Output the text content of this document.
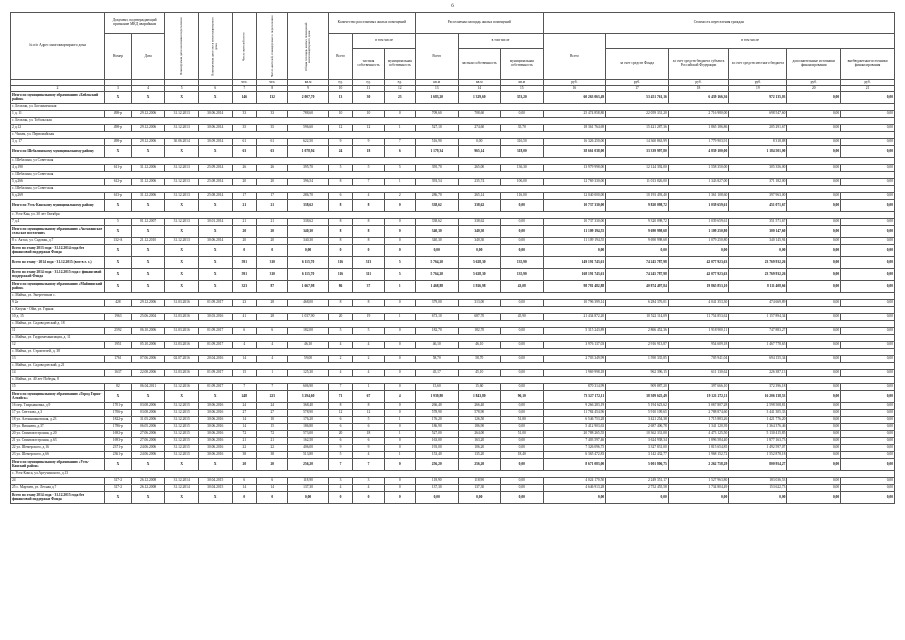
6
№ п/п Адрес многоквартирного дома	Документ, подтверждающий признание МКД аварийным		Планируемая дата окончания переселения	Планируемая дата сноса многоквартирного дома	Число жителей всего	Число жителей, планируемых к переселению	Общая площадь жилых помещений многоквартирного дома	Количество расселяемых жилых помещений			Расселяемая площадь жилых помещений			Стоимость переселения граждан					
	Номер	Дата						Всего	в том числе		Всего	в том числе		Всего	в том числе				
									частная собственность	муниципальная собственность		частная собственность	муниципальная собственность		за счет средств Фонда	за счет средств бюджета субъекта Российской Федерации	за счет средств местного бюджета	дополнительные источники финансирования	внебюджетные источники финансирования
					чел.	чел.	кв.м	ед.	ед.	ед.	кв.м	кв.м	кв.м	руб.	руб.	руб.	руб.	руб.	руб.
2	3	4	5	6	7	8	9	10	11	12	13	14	15	16	17	18	19	20	21
Итого по муниципальному образованию «Бейльский район»	X	X	X	X	146	132	2 007,70	13	30	23	1 683,20	1 329,60	353,20	60 263 063,49	53 451 761,16	6 439 166,36	972 135,03	0,00	0,00
с. Бельтак, ул. Богоявленская																			
1 д. 11	498-р	29.12.2006	31.12.2013	30.06.2014	33	33	788,60	10	10	0	709,60	708,60	0,00	25 474 858,80	22 059 331,20	2 716 980,00	698 547,60	0,00	0,00
с. Бельтак, ул. Тобольская																			
2 д.12	498-р	29.12.2006	31.12.2013	30.06.2014	35	35	596,60	12	12	1	527,10	274,60	35,70	18 361 764,69	15 421 287,36	1 865 186,86	205 291,67	0,00	0,00
с. Чилам, ул. Первомайская																			
3 д. 17	498-р	29.12.2006	30.06.2014	30.09.2014	61	61	622,50	9	9	7	516,90	0,00	316,50	16 326 250,00	14 360 863,99	1 779 903,91	8 318,88	0,00	0,00
Итого по Шебалинскому муниципальному району	X	X	X	X	63	63	1 078,94	24	18	6	1 179,34	965,14	318,00	38 661 038,00	33 339 997,80	4 839 100,00	1 184 501,00	0,00	0,00
с. Шебалино, ул Советская																			
4 д.190	611-р	31.12.2006	31.12.2013	25.09.2014	26	26	395,70	5	5	5	395,70	265,00	136,30	13 979 998,00	12 124 392,00	1 558 350,00	305 356,00	0,00	0,00
с. Шебалино, ул Советская																			
5 д.266	612-р	31.12.2006	31.12.2013	25.08.2014	20	20	396,54	8	7	1	393,54	235,74	106,00	12 769 330,00	11 013 826,00	1 343 827,00	371 182,00	0,00	0,00
с. Шебалино, ул Советская																			
6 д.269	613-р	31.12.2006	31.12.2013	25.08.2014	17	17	286,70	6	4	2	286,70	265,14	116,00	12 040 000,00	10 193 493,40	1 361 108,60	397 963,00	0,00	0,00
Итого по Усть-Канскому муниципальному району	X	X	X	X	21	21	338,62	8	8	0	338,62	338,62	0,00	10 737 330,00	9 820 098,72	1 039 659,61	451 071,67	0,00	0,00
с. Усть-Кан, ул. 30 лет Октября																			
7 д.4	5	01.12.2007	31.12.2013	30.01.2014	21	21	338,62	8	8	0	338,62	338,62	0,00	10 737 330,00	9 320 098,72	1 039 659,61	351 571,67	0,00	0,00
Итого по муниципальному образованию «Актагашское сельское поселение»	X	X	X	X	20	20	340,30	8	8	0	340,30	340,30	0,00	11 109 194,55	9 690 998,68	1 109 250,80	300 147,60	0,00	0,00
8 с. Актал, ул. Садовая, д.7	132-А	21.12.2010	31.12.2013	30.06.2014	20	20	340,30	8	8	0	340,30	340,30	0,00	11 109 194,55	9 690 998,68	1 079 250,80	340 145,94	0,00	0,00
Всего по этапу 2013 года - 31.12.2014 года без финансовой поддержки Фонда	X	X	X	X	0	0	0,00	0	0	0	0,00	0,00	0,00	0,00	0,00	0,00	0,00	0,00	0,00
Всего по этапу - 2014 года - 31.12.2015 (всп-в е. с.)	X	X	X	X	591	310	6 115,70	116	313	5	5 764,20	5 628,30	135,90	149 191 743,61	74 245 787,98	42 077 923,63	23 769 932,26	0,00	0,00
Всего по этапу 2014 года - 31.12.2015 года с финансовой поддержкой Фонда	X	X	X	X	591	310	6 115,70	116	311	5	5 764,20	5 628,30	135,90	168 191 743,61	74 245 787,98	42 077 923,63	23 769 932,26	0,00	0,00
Итого по муниципальному образованию «Майминский район»	X	X	X	X	323	87	1 667,98	86	37	1	1 468,88	1 926,98	43,08	98 781 482,88	40 874 497,84	19 865 853,10	8 111 408,66	0,00	0,00
с. Майма, ул. Энергетиков с.																			
9 2а	428	29.12.2006	31.03.2016	01.09.2017	23	28	468,00	8	8	0	379,00	313,00	0,00	10 796 399,14	6 284 376,01	4 041 353,30	474 669,89	0,00	0,00
с. Катунь - Ойм, ул. Горная																			
10 д. 15	1963	25.06.2004	31.03.2016	30.03.2016	41	28	1 037,90	20	19	1	673,10	687,70	45,90	21 434 872,20	10 522 114,09	11 754 853,62	1 157 894,34	0,00	0,00
с. Майма, ул. Садоводческий д. 18																			
11	2592	06.10.2006	31.03.2016	01.09.2017	6	6	182,00	5	5	0	182,70	182,70	0,00	5 315 243,89	2 866 452,36	1 918 900,11	747 883,27	0,00	0,00
с. Майма, ул. Гидромеханизация, д. 11																			
12	1951	05.10.2006	31.03.2016	01.09.2017	4	4	46,10	4	4	0	46,10	46,10	0,00	3 976 137,03	2 916 913,87	954 609,18	1 467 778,65	0,00	0,00
с. Майма, ул. Строителей, д. 38																			
13	1761	07.06.2006	02.07.2016	20.04.2016	14	4	59,00	2	2	0	58,70	58,70	0,00	2 703 349,99	1 590 335,85	705 941,04	694 155,34	0,00	0,00
с. Майма, ул. Садоводческий, д.21																			
14	1637	22.08.2006	31.03.2016	01.09.2017	15	1	125,30	4	4	0	45,17	45,10	0,00	1 969 998,18	962 396,15	611 130,62	226 387,13	0,00	0,00
с. Майма, ул. 40 лет Победы, 8																			
15	82	06.04.2011	31.12.2016	01.09.2017	7	7	606,90	7	1	0	15,60	15,60	0,00	870 314,99	909 887,20	397 666,10	372 396,18	0,00	0,00
Итого по муниципальному образованию «Город Горно-Алтайск»	X	X	X	X	248	223	3 294,60	71	67	4	1 939,80	1 843,80	96,10	73 527 172,11	38 309 625,49	19 121 272,11	16 206 138,53	0,00	0,00
16 пер. Тихрыановка, д.9	1701-р	03.08.2006	31.12.2015	30.06.2016	24	24	368,40	8	8	0	266,40	266,40	0,00	9 266 283,19	5 194 623,62	3 067 807,28	2 598 508,81	0,00	0,00
17 ул. Светлова, д.3	1706-р	03.08.2006	31.12.2015	30.06.2016	27	27	578,90	12	12	0	578,90	578,90	0,00	11 784 454,96	5 910 109,65	2 788 874,60	3 441 305,33	0,00	0,00
18 ул. Алтыншановская, д.23	1822-р	31.05.2006	31.12.2015	30.06.2016	14	10	176,20	6	5	1	176,20	126,50	51,80	6 546 753,28	3 421 254,38	1 715 883,26	1 421 776,20	0,00	0,00
19 ул. Вишнева, д.37	1786-р	06.05.2006	31.12.2015	30.06.2016	14	15	186,80	6	6	0	186,90	186,90	0,00	5 412 903,63	2 687 406,78	1 341 120,39	1 364 376,46	0,00	0,00
20 ул. Свинтактстрония, д.20	1692-р	27.06.2006	31.12.2015	30.06.2016	72	72	573,00	20	18	1	527,00	264,00	51,00	20 788 265,55	10 362 331,00	4 473 125,50	5 130 415,85	0,00	0,00
21 ул. Свинтактстрония, д.63	1693-р	27.06.2006	31.12.2015	30.06.2016	21	21	162,50	6	6	0	163,00	163,20	0,00	7 403 597,46	3 624 938,34	1 896 584,40	1 877 163,73	0,00	0,00
22 ул. Шемерского, д.16	2371-р	24.06.2006	31.12.2015	30.06.2016	22	22	406,00	9	9	0	193,00	106,20	0,00	7 326 096,75	3 327 831,00	1 815 654,85	1 492 597,07	0,00	0,00
23 ул. Шемерского, д.66	2361-р	24.06.2006	31.12.2015	30.06.2016	38	38	513,80	5	4	1	153,40	135,20	18,40	6 365 472,83	3 142 432,77	1 968 152,72	1 552 878,18	0,00	0,00
Итого по муниципальному образованию «Усть-Канский район»	X	X	X	X	20	20	256,20	7	7	0	256,20	256,20	0,00	8 671 083,00	5 001 806,75	2 262 758,29	800 954,27	0,00	0,00
с. Усть-Кокса, ул.Аргучинского, д.13																			
24	317-2	26.12.2008	31.12.2014	30.04.2015	6	6	118,90	3	3	0	118,90	118,90	0,00	4 024 170,50	2 249 351,17	1 527 963,80	183 036,53	0,00	0,00
25 с. Мартаев, ул. Лесная д.7	317-2	26.12.2008	31.12.2014	30.04.2015	14	14	137,30	4	4	0	137,30	137,30	0,00	4 646 913,28	2 752 455,58	1 734 804,49	153 622,73	0,00	0,00
Всего по этапу 2014 года - 31.12.2015 года без финансовой поддержки Фонда	X	X	X	X	0	0	0,00	0	0	0	0,00	0,00	0,00	0,00	0,00	0,00	0,00	0,00	0,00
